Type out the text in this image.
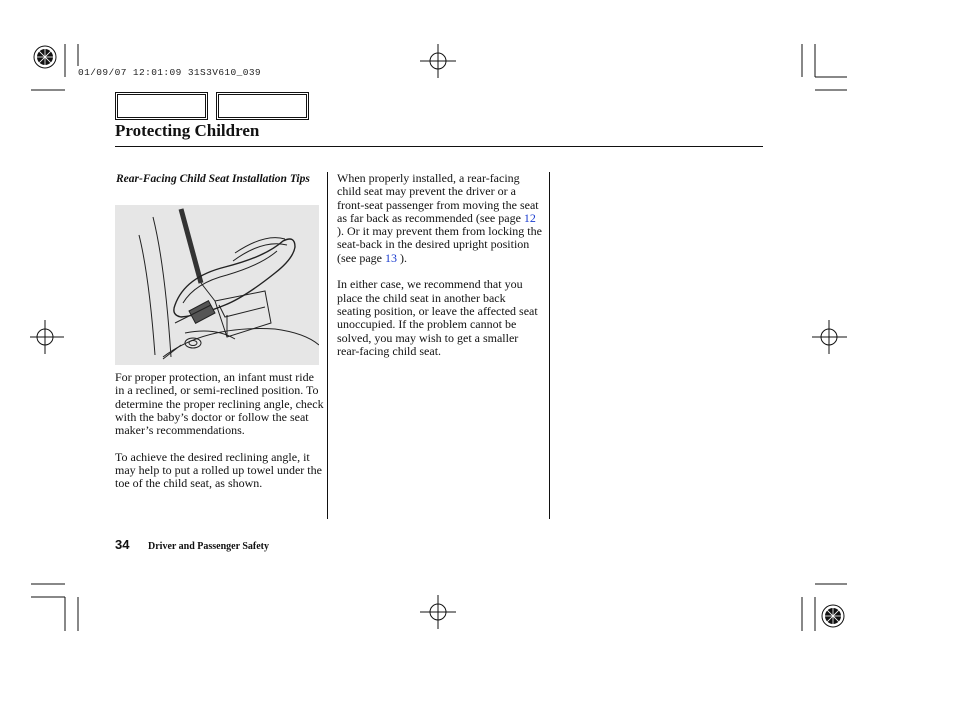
01/09/07 12:01:09 31S3V610_039
Protecting Children
Rear-Facing Child Seat Installation Tips

For proper protection, an infant must ride in a reclined, or semi-reclined position. To determine the proper reclining angle, check with the baby’s doctor or follow the seat maker’s recommendations.

To achieve the desired reclining angle, it may help to put a rolled up towel under the toe of the child seat, as shown.

When properly installed, a rear-facing child seat may prevent the driver or a front-seat passenger from moving the seat as far back as recommended (see page 12 ). Or it may prevent them from locking the seat-back in the desired upright position (see page 13 ).

In either case, we recommend that you place the child seat in another back seating position, or leave the affected seat unoccupied. If the problem cannot be solved, you may wish to get a smaller rear-facing child seat.

34 Driver and Passenger Safety
